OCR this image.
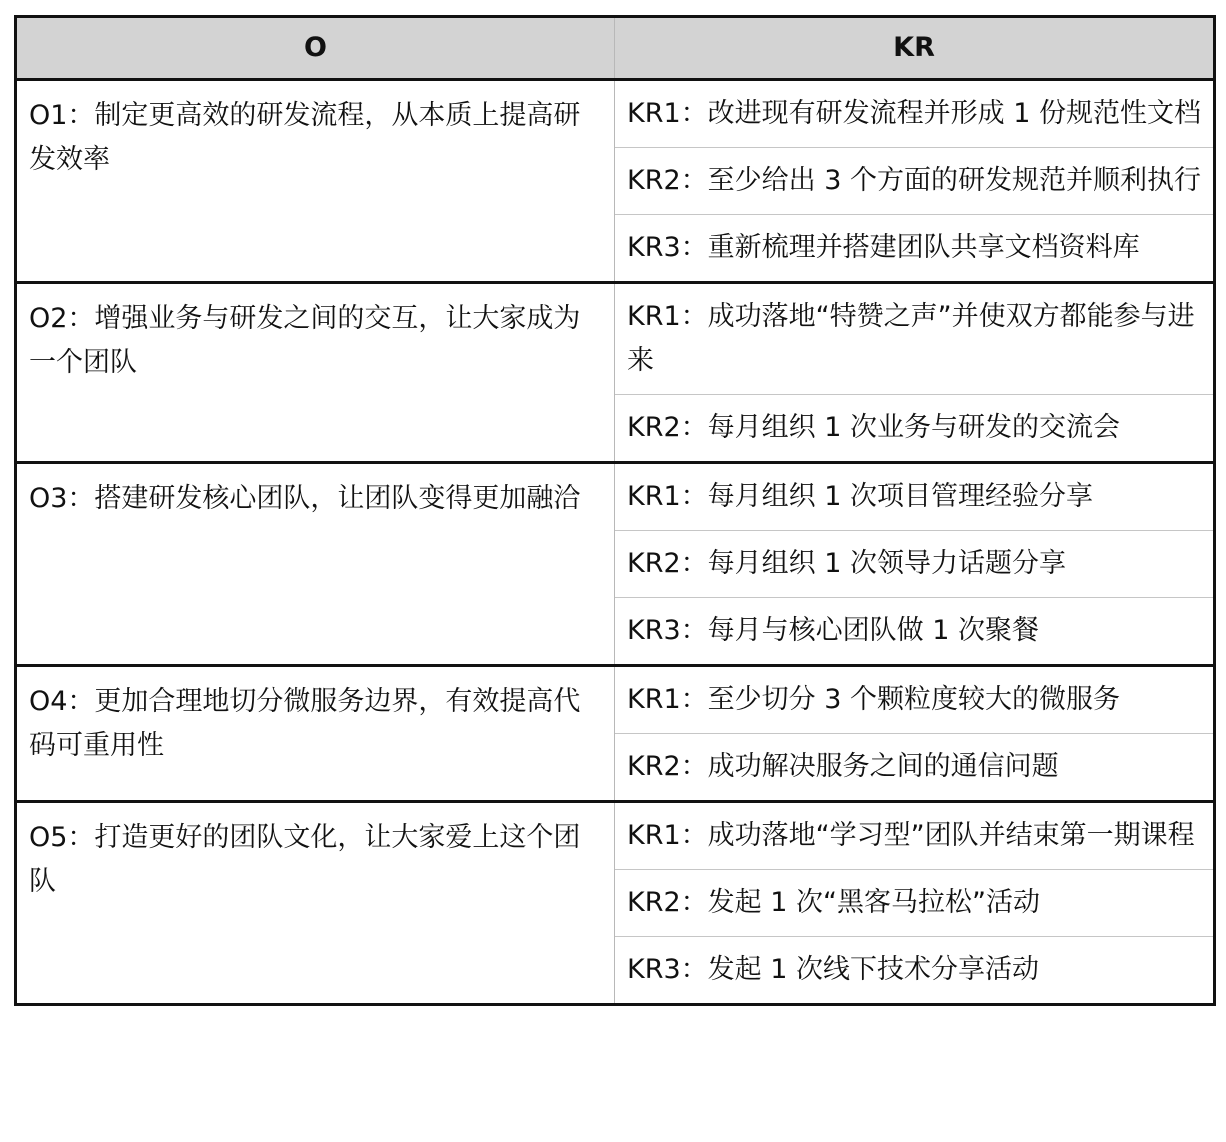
O	KR
O1：制定更高效的研发流程，从本质上提高研发效率	KR1：改进现有研发流程并形成 1 份规范性文档
	KR2：至少给出 3 个方面的研发规范并顺利执行
	KR3：重新梳理并搭建团队共享文档资料库
O2：增强业务与研发之间的交互，让大家成为一个团队	KR1：成功落地“特赞之声”并使双方都能参与进来
	KR2：每月组织 1 次业务与研发的交流会
O3：搭建研发核心团队，让团队变得更加融洽	KR1：每月组织 1 次项目管理经验分享
	KR2：每月组织 1 次领导力话题分享
	KR3：每月与核心团队做 1 次聚餐
O4：更加合理地切分微服务边界，有效提高代码可重用性	KR1：至少切分 3 个颗粒度较大的微服务
	KR2：成功解决服务之间的通信问题
O5：打造更好的团队文化，让大家爱上这个团队	KR1：成功落地“学习型”团队并结束第一期课程
	KR2：发起 1 次“黑客马拉松”活动
	KR3：发起 1 次线下技术分享活动
